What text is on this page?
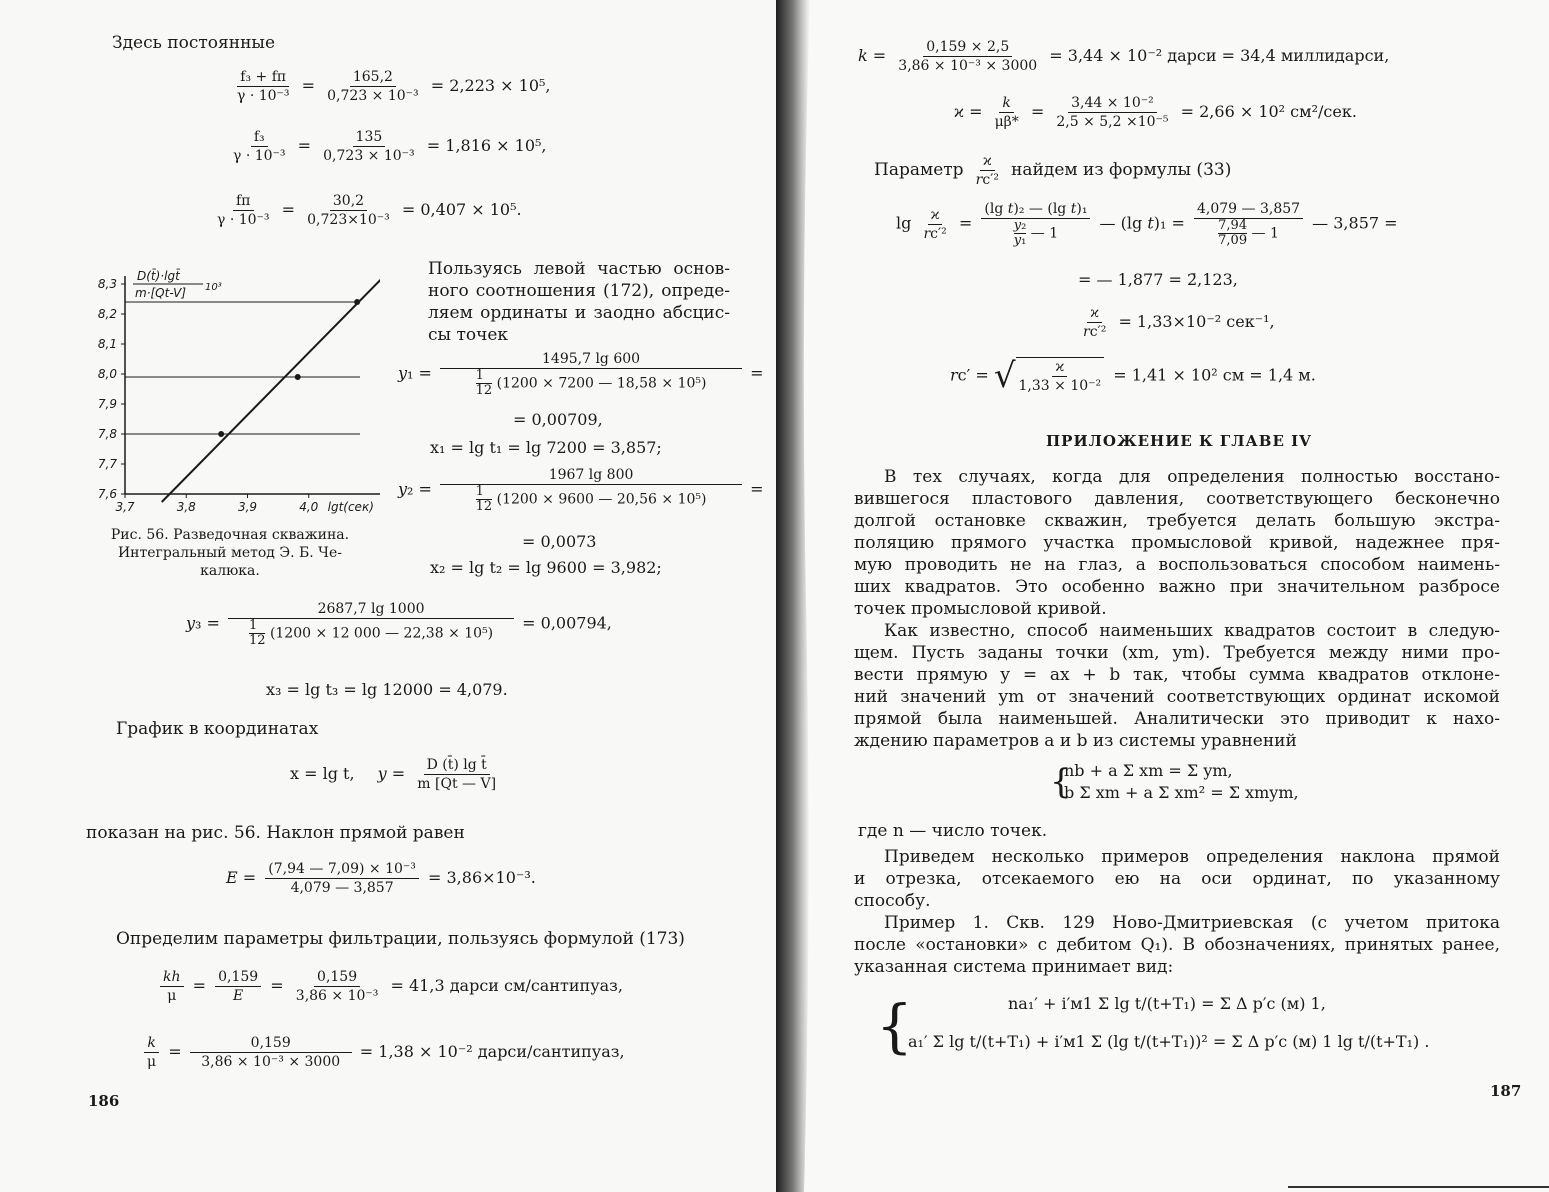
Здесь постоянные
$\frac{\text{f₃ + fп}}{\text{γ · 10⁻³}} = \frac{165,2}{\text{0,723 × 10⁻³}} = 2,223 \times 10^5$,
$\frac{\text{f₃}}{\text{γ · 10⁻³}} = \frac{135}{\text{0,723 × 10⁻³}} = 1,816 \times 10^5$,
$\frac{fп}{\text{γ · 10⁻³}} = \frac{30,2}{\text{0,723×10⁻³}} = 0,407 \times 10^5$.
7,6
7,7
7,8
7,9
8,0
8,1
8,2
8,3
3,7	3,8	3,9	4,0 lgt(сек)
D(t̄)·lgt̄
m·[Qt-V] 10³
Рис. 56. Разведочная скважина.
Интегральный метод Э. Б. Че-
калюка.
Пользуясь левой частью основ-
ного соотношения (172), опреде-
ляем ординаты и заодно абсцис-
сы точек
$y_1 = \frac{1495,7 \lg 600}{\frac{1}{12} (1200 \times 7200 — 18,58 \times 10^5)}$ =
= 0,00709,
x₁ = lg t₁ = lg 7200 = 3,857;
$y_2 = \frac{1967 \lg 800}{\frac{1}{12} (1200 \times 9600 — 20,56 \times 10^5)}$ =
= 0,0073
x₂ = lg t₂ = lg 9600 = 3,982;
$y_3 = \frac{2687,7 \lg 1000}{\frac{1}{12} (1200 \times 12 000 — 22,38 \times 10^5)} = 0,00794$,
x₃ = lg t₃ = lg 12000 = 4,079.
График в координатах
x = lg t, $y = \frac{\text{D (t̄) lg t̄}}{m [Qt — V]}$
показан на рис. 56. Наклон прямой равен
$E = \frac{\text{(7,94 — 7,09) × 10⁻³}}{4,079 — 3,857} = 3,86\times 10^{-3}$.
Определим параметры фильтрации, пользуясь формулой (173)
$\frac{kh}{\mu} = \frac{0,159}{E} = \frac{0,159}{\text{3,86 × 10⁻³}} = 41,3$ дарси см/сантипуаз,
$\frac{k}{\mu} = \frac{0,159}{\text{3,86 × 10⁻³ × 3000}} = 1,38 \times 10^{-2}$ дарси/сантипуаз,
186
$k = \frac{0,159 \times 2,5}{\text{3,86 × 10⁻³ × 3000}} = 3,44 \times 10^{-2}$ дарси = 34,4 миллидарси,
$ϰ = \frac{k}{\mu\beta*} = \frac{\text{3,44 × 10⁻²}}{\text{2,5 × 5,2 ×10⁻⁵}} = 2,66 \times 10^2$ см²/сек.
Параметр $\frac{ϰ}{\text{rс′²}}$ найдем из формулы (33)
$\lg \frac{ϰ}{\text{rс′²}} = \frac{\text{(lg t)₂ — (lg t)₁}}{\frac{\text{y₂}}{\text{y₁}} — 1}$ — (lg $t)_1 = \frac{4,079 — 3,857}{\frac{7,94}{7,09} — 1}$ — 3,857 =
= — 1,877 = 2̄,123,
$\frac{ϰ}{\text{rс′²}} = 1,33\times 10^{-2}$ сек⁻¹,
rс′ = √ $\frac{ϰ}{\text{1,33 × 10⁻²}} = 1,41 \times 10^2$ см = 1,4 м.
ПРИЛОЖЕНИЕ К ГЛАВЕ IV
В тех случаях, когда для определения полностью восстано-
вившегося пластового давления, соответствующего бесконечно
долгой остановке скважин, требуется делать большую экстра-
поляцию прямого участка промысловой кривой, надежнее пря-
мую проводить не на глаз, а воспользоваться способом наимень-
ших квадратов. Это особенно важно при значительном разбросе
точек промысловой кривой.
Как известно, способ наименьших квадратов состоит в следую-
щем. Пусть заданы точки (xm, ym). Требуется между ними про-
вести прямую y = ax + b так, чтобы сумма квадратов отклоне-
ний значений ym от значений соответствующих ординат искомой
прямой была наименьшей. Аналитически это приводит к нахо-
ждению параметров a и b из системы уравнений
{
nb + a Σ xm = Σ ym,
b Σ xm + a Σ xm² = Σ xmym,
где n — число точек.
Приведем несколько примеров определения наклона прямой
и отрезка, отсекаемого ею на оси ординат, по указанному
способу.
Пример 1. Скв. 129 Ново-Дмитриевская (с учетом притока
после «остановки» с дебитом Q₁). В обозначениях, принятых ранее,
указанная система принимает вид:
{	na₁′ + i′м1 Σ lg t/(t+T₁) = Σ Δ p′с (м) 1,
a₁′ Σ lg t/(t+T₁) + i′м1 Σ (lg t/(t+T₁))² = Σ Δ p′с (м) 1 lg t/(t+T₁) .
187
